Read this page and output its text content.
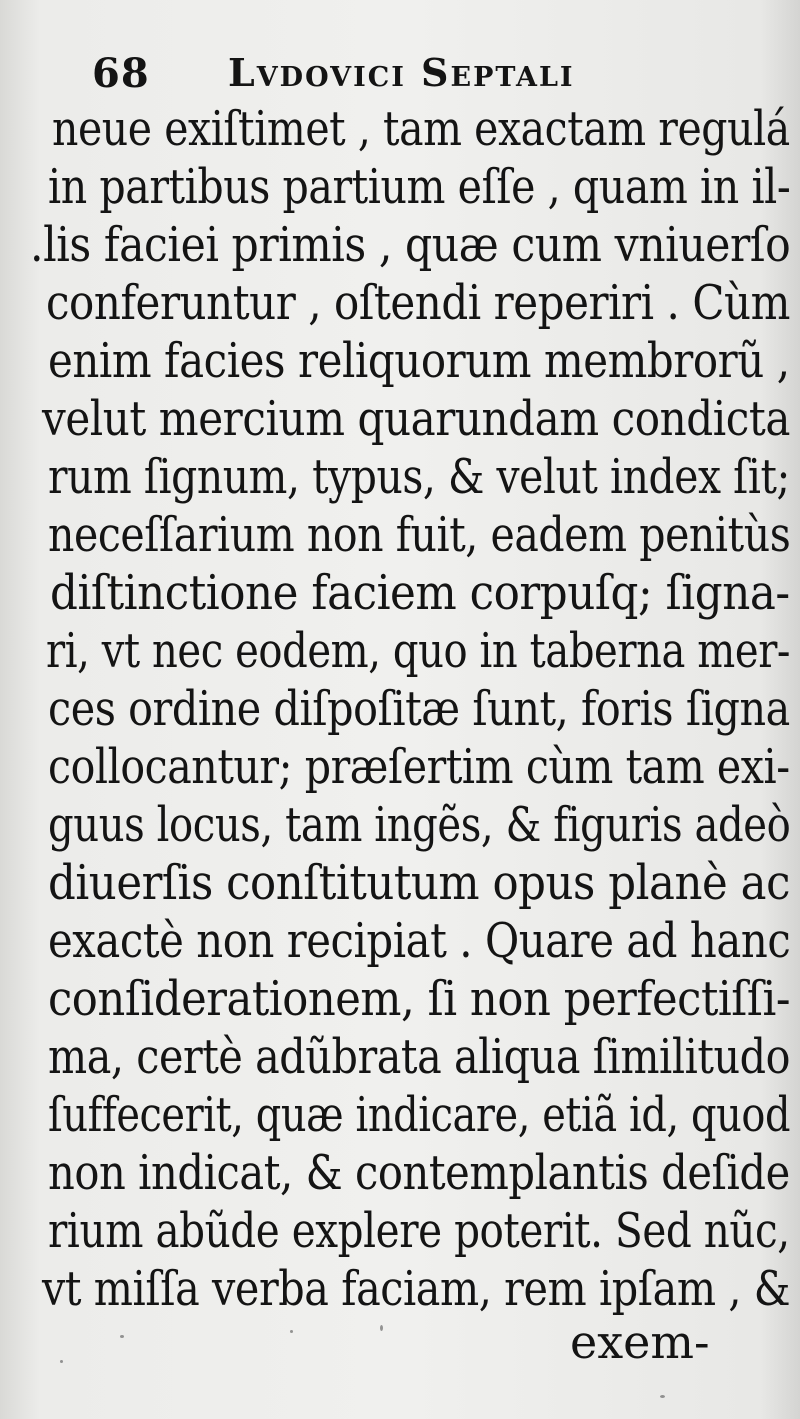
68 Lvdovici Septali
neue exiſtimet , tam exactam regulá
in partibus partium eſſe , quam in il-
.lis faciei primis , quæ cum vniuerſo
conferuntur , oſtendi reperiri . Cùm
enim facies reliquorum membrorũ ,
velut mercium quarundam condicta
rum ſignum, typus, & velut index ſit;
neceſſarium non fuit, eadem penitùs
diſtinctione faciem corpuſq; ſigna-
ri, vt nec eodem, quo in taberna mer-
ces ordine diſpoſitæ ſunt, foris ſigna
collocantur; præſertim cùm tam exi-
guus locus, tam ingẽs, & figuris adeò
diuerſis conſtitutum opus planè ac
exactè non recipiat . Quare ad hanc
conſiderationem, ſi non perfectiſſi-
ma, certè adũbrata aliqua ſimilitudo
ſuffecerit, quæ indicare, etiã id, quod
non indicat, & contemplantis deſide
rium abũde explere poterit. Sed nũc,
vt miſſa verba faciam, rem ipſam , &
exem-
